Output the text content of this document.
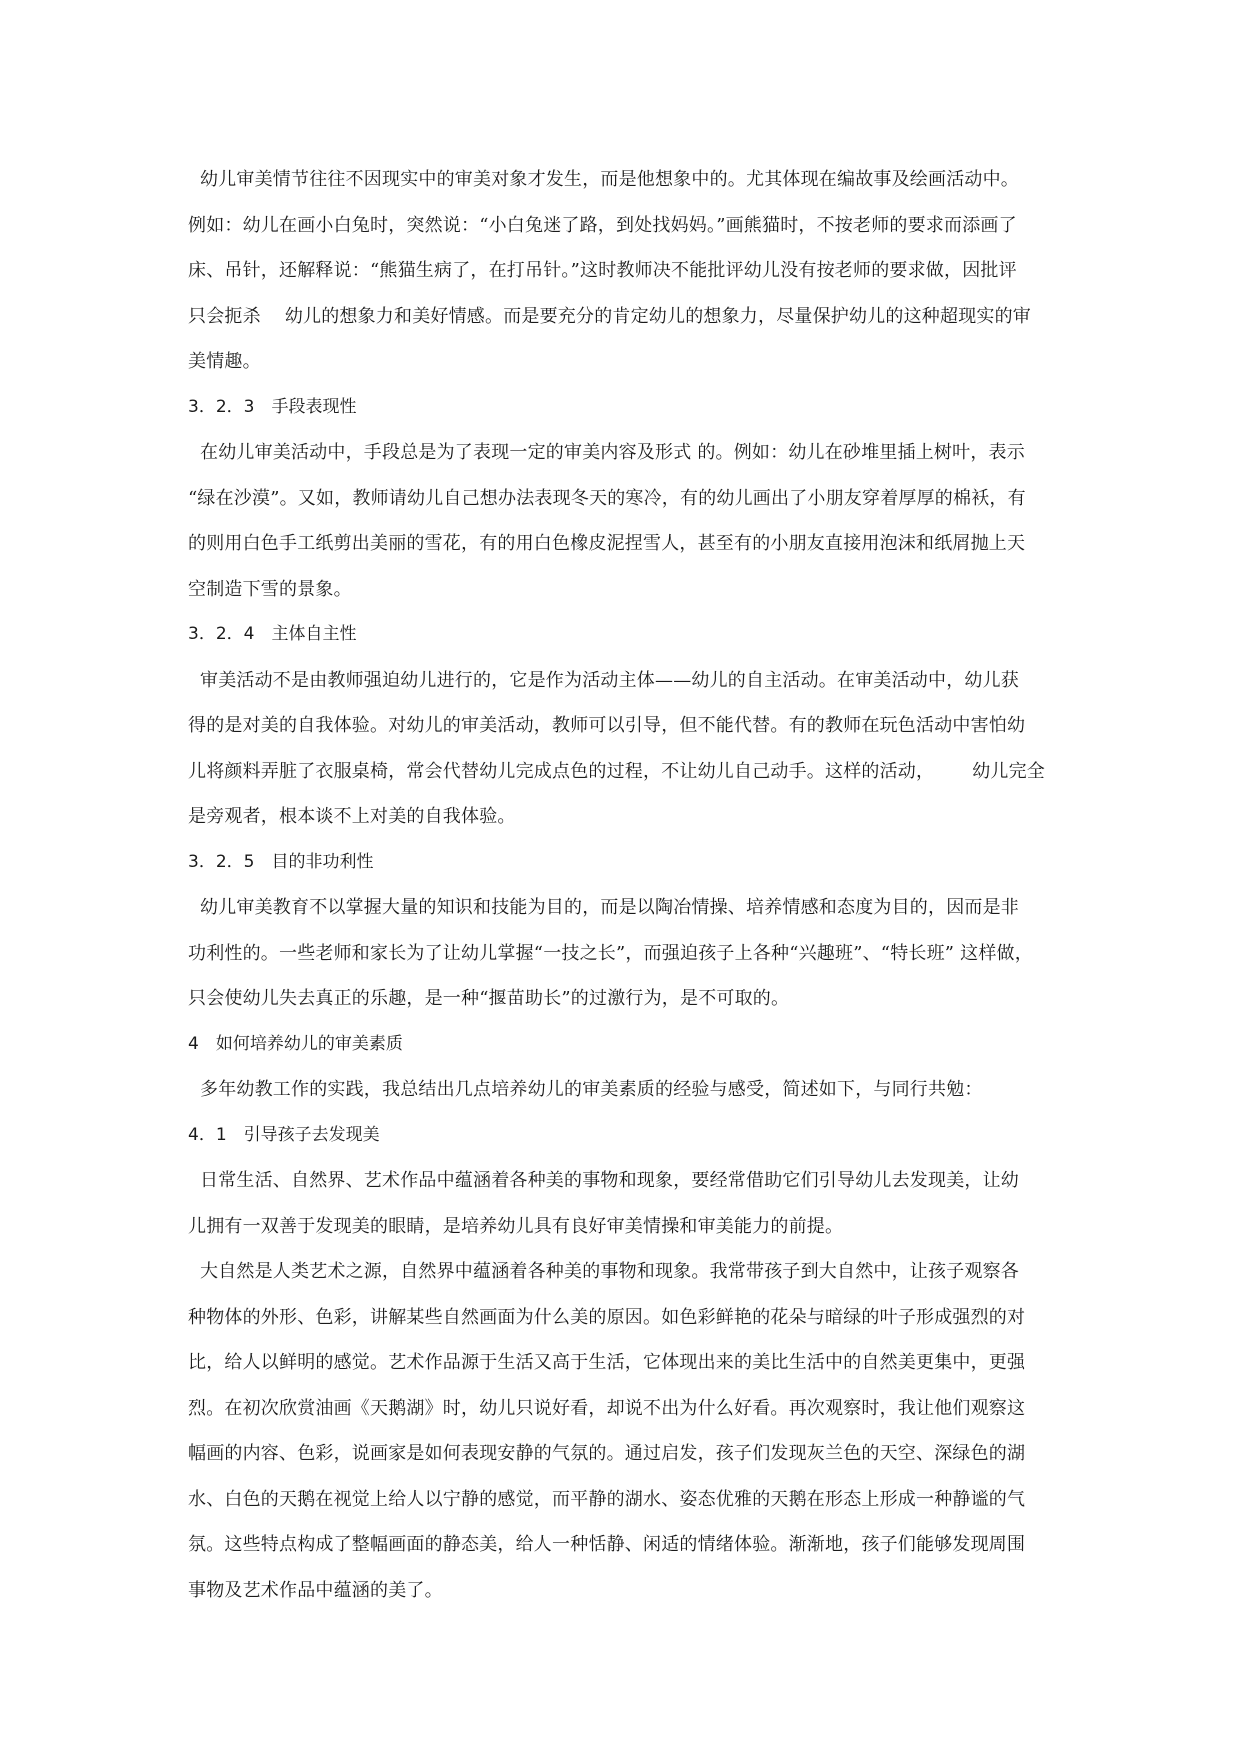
幼儿审美情节往往不因现实中的审美对象才发生，而是他想象中的。尤其体现在编故事及绘画活动中。
例如：幼儿在画小白兔时，突然说：“小白兔迷了路，到处找妈妈。”画熊猫时，不按老师的要求而添画了
床、吊针，还解释说：“熊猫生病了，在打吊针。”这时教师决不能批评幼儿没有按老师的要求做，因批评
只会扼杀 幼儿的想象力和美好情感。而是要充分的肯定幼儿的想象力，尽量保护幼儿的这种超现实的审
美情趣。
3．2．3　手段表现性
在幼儿审美活动中，手段总是为了表现一定的审美内容及形式 的。例如：幼儿在砂堆里插上树叶，表示
“绿在沙漠”。又如，教师请幼儿自己想办法表现冬天的寒冷，有的幼儿画出了小朋友穿着厚厚的棉袄，有
的则用白色手工纸剪出美丽的雪花，有的用白色橡皮泥捏雪人，甚至有的小朋友直接用泡沫和纸屑抛上天
空制造下雪的景象。
3．2．4　主体自主性
审美活动不是由教师强迫幼儿进行的，它是作为活动主体——幼儿的自主活动。在审美活动中，幼儿获
得的是对美的自我体验。对幼儿的审美活动，教师可以引导，但不能代替。有的教师在玩色活动中害怕幼
儿将颜料弄脏了衣服桌椅，常会代替幼儿完成点色的过程，不让幼儿自己动手。这样的活动， 幼儿完全
是旁观者，根本谈不上对美的自我体验。
3．2．5　目的非功利性
幼儿审美教育不以掌握大量的知识和技能为目的，而是以陶冶情操、培养情感和态度为目的，因而是非
功利性的。一些老师和家长为了让幼儿掌握“一技之长”，而强迫孩子上各种“兴趣班”、“特长班” 这样做，
只会使幼儿失去真正的乐趣，是一种“揠苗助长”的过激行为，是不可取的。
4　如何培养幼儿的审美素质
多年幼教工作的实践，我总结出几点培养幼儿的审美素质的经验与感受，简述如下，与同行共勉：
4．1　引导孩子去发现美
日常生活、自然界、艺术作品中蕴涵着各种美的事物和现象，要经常借助它们引导幼儿去发现美，让幼
儿拥有一双善于发现美的眼睛，是培养幼儿具有良好审美情操和审美能力的前提。
大自然是人类艺术之源，自然界中蕴涵着各种美的事物和现象。我常带孩子到大自然中，让孩子观察各
种物体的外形、色彩，讲解某些自然画面为什么美的原因。如色彩鲜艳的花朵与暗绿的叶子形成强烈的对
比，给人以鲜明的感觉。艺术作品源于生活又高于生活，它体现出来的美比生活中的自然美更集中，更强
烈。在初次欣赏油画《天鹅湖》时，幼儿只说好看，却说不出为什么好看。再次观察时，我让他们观察这
幅画的内容、色彩，说画家是如何表现安静的气氛的。通过启发，孩子们发现灰兰色的天空、深绿色的湖
水、白色的天鹅在视觉上给人以宁静的感觉，而平静的湖水、姿态优雅的天鹅在形态上形成一种静谧的气
氛。这些特点构成了整幅画面的静态美，给人一种恬静、闲适的情绪体验。渐渐地，孩子们能够发现周围
事物及艺术作品中蕴涵的美了。
